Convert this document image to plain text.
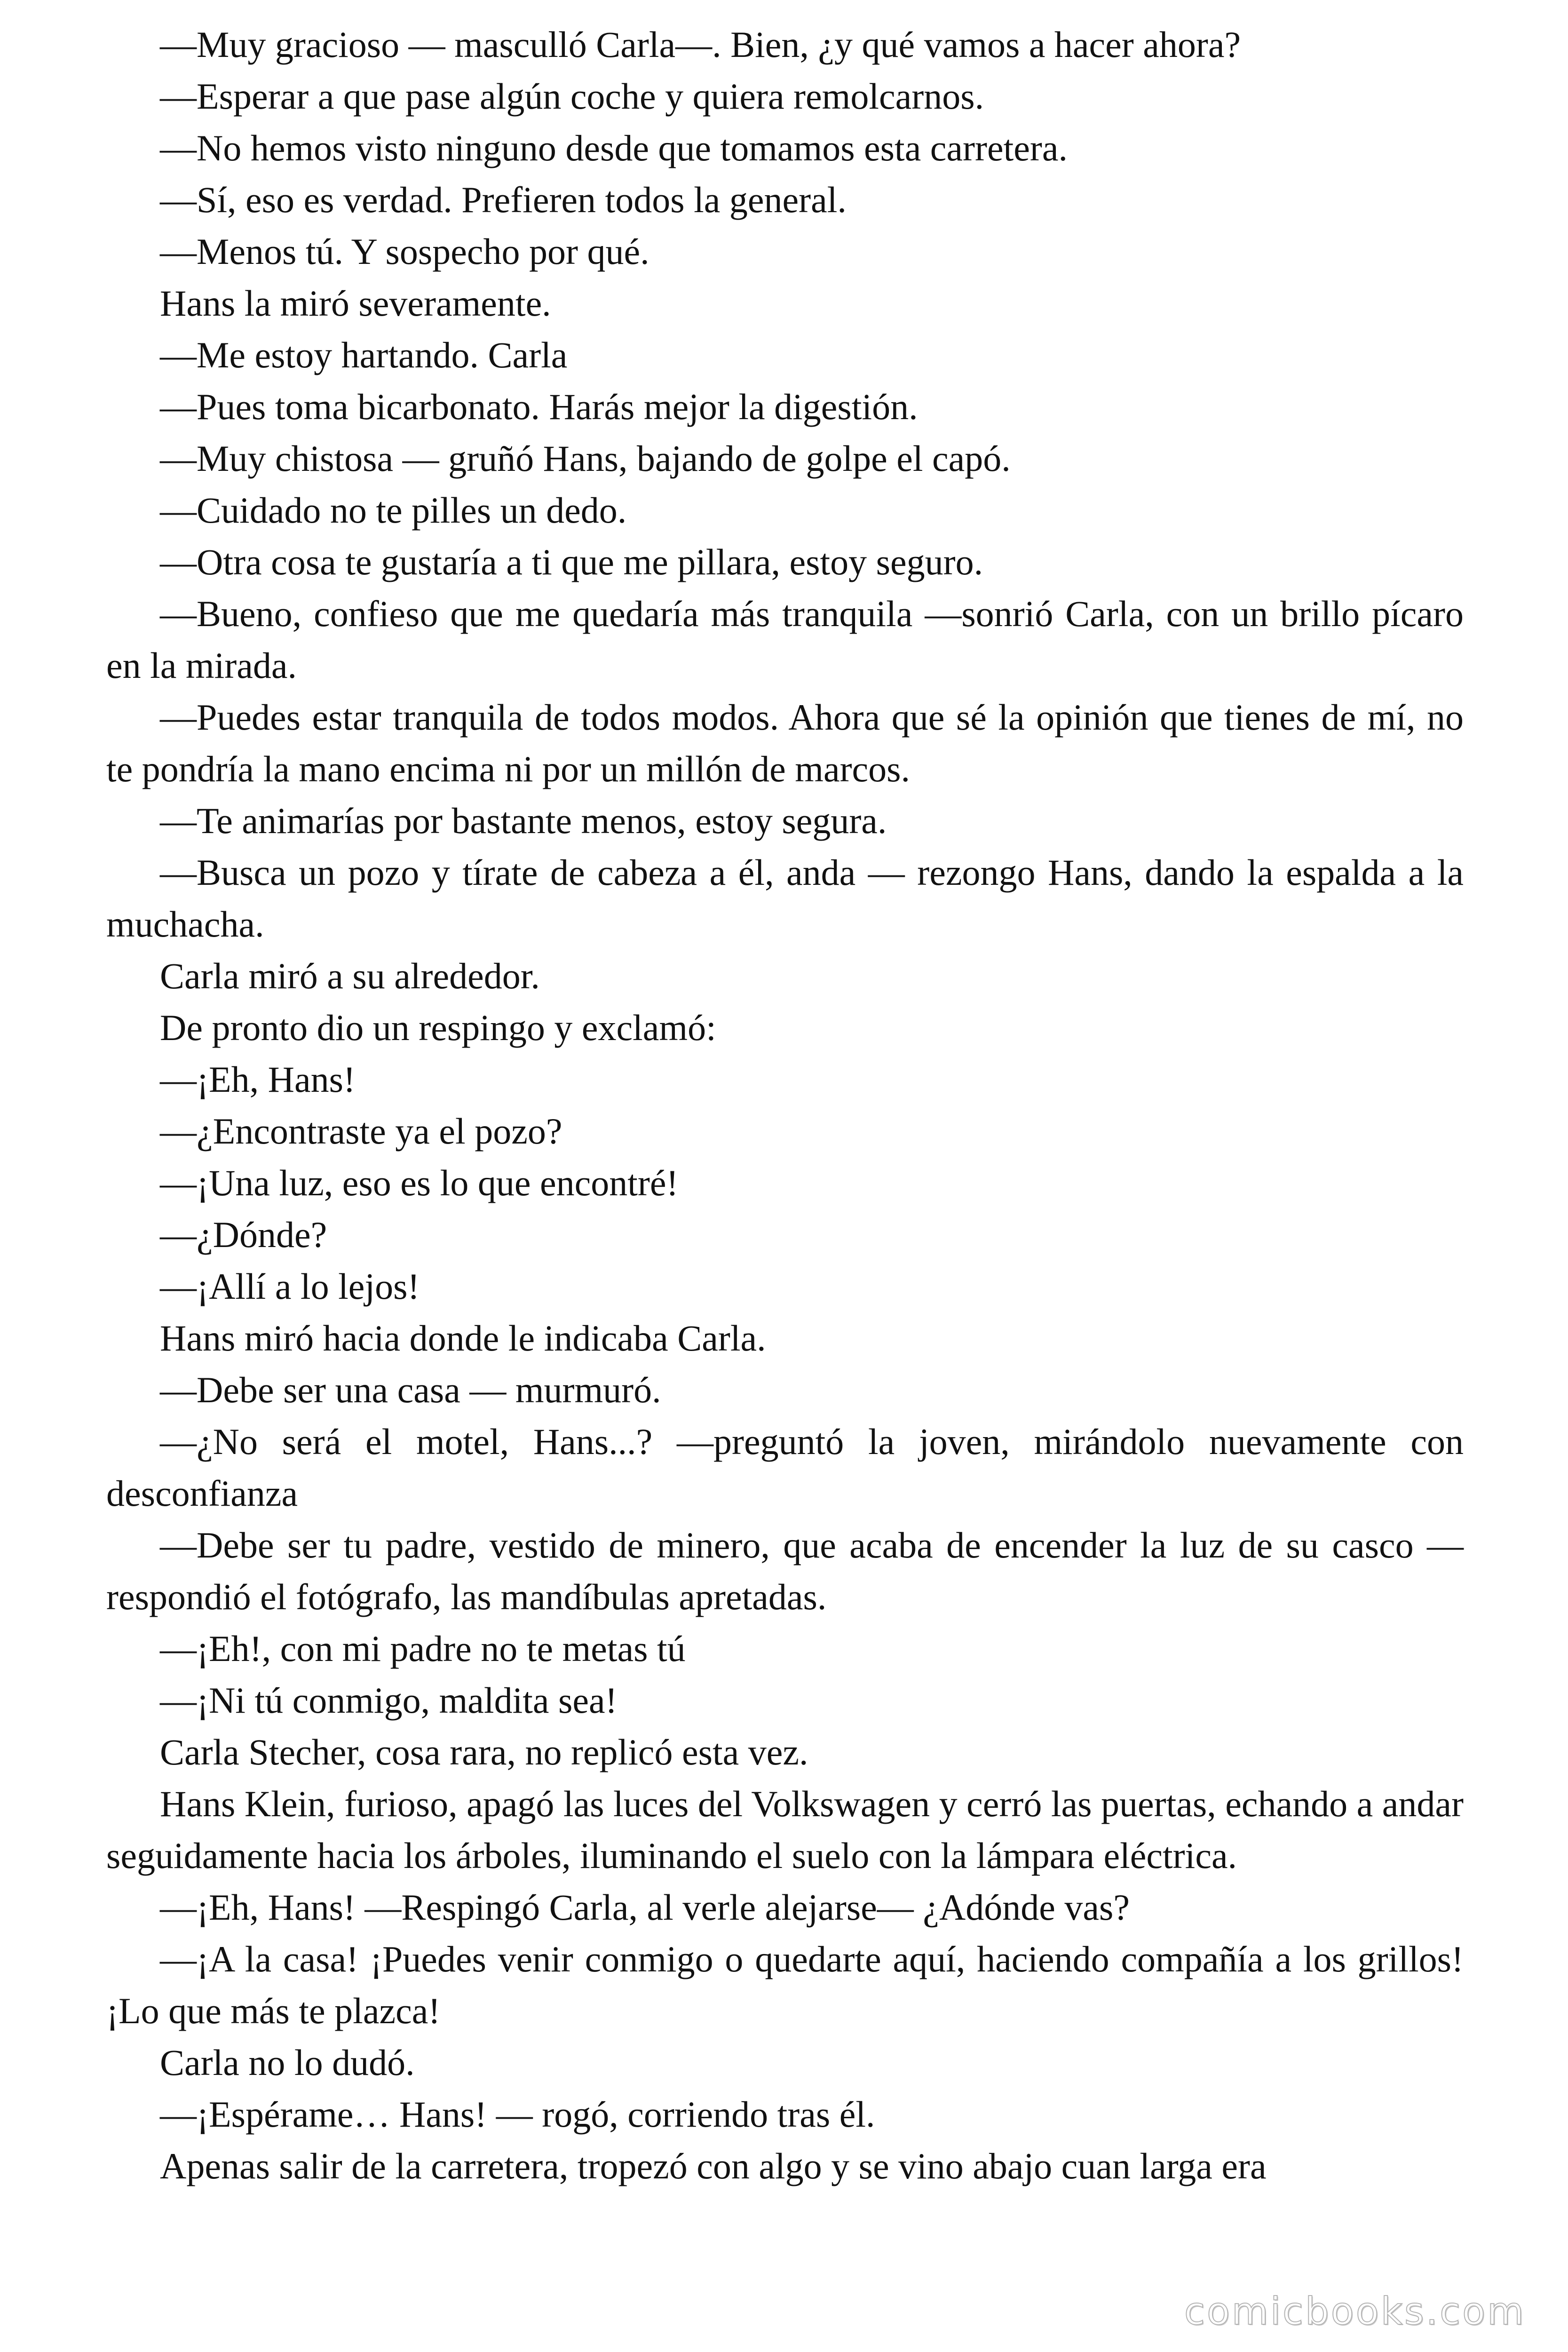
—Muy gracioso — masculló Carla—. Bien, ¿y qué vamos a hacer ahora?

—Esperar a que pase algún coche y quiera remolcarnos.

—No hemos visto ninguno desde que tomamos esta carretera.

—Sí, eso es verdad. Prefieren todos la general.

—Menos tú. Y sospecho por qué.

Hans la miró severamente.

—Me estoy hartando. Carla

—Pues toma bicarbonato. Harás mejor la digestión.

—Muy chistosa — gruñó Hans, bajando de golpe el capó.

—Cuidado no te pilles un dedo.

—Otra cosa te gustaría a ti que me pillara, estoy seguro.

—Bueno, confieso que me quedaría más tranquila —sonrió Carla, con un brillo pícaro en la mirada.

—Puedes estar tranquila de todos modos. Ahora que sé la opinión que tienes de mí, no te pondría la mano encima ni por un millón de marcos.

—Te animarías por bastante menos, estoy segura.

—Busca un pozo y tírate de cabeza a él, anda — rezongo Hans, dando la espalda a la muchacha.

Carla miró a su alrededor.

De pronto dio un respingo y exclamó:

—¡Eh, Hans!

—¿Encontraste ya el pozo?

—¡Una luz, eso es lo que encontré!

—¿Dónde?

—¡Allí a lo lejos!

Hans miró hacia donde le indicaba Carla.

—Debe ser una casa — murmuró.

—¿No será el motel, Hans...? —preguntó la joven, mirándolo nuevamente con desconfianza

—Debe ser tu padre, vestido de minero, que acaba de encender la luz de su casco — respondió el fotógrafo, las mandíbulas apretadas.

—¡Eh!, con mi padre no te metas tú

—¡Ni tú conmigo, maldita sea!

Carla Stecher, cosa rara, no replicó esta vez.

Hans Klein, furioso, apagó las luces del Volkswagen y cerró las puertas, echando a andar seguidamente hacia los árboles, iluminando el suelo con la lámpara eléctrica.

—¡Eh, Hans! —Respingó Carla, al verle alejarse— ¿Adónde vas?

—¡A la casa! ¡Puedes venir conmigo o quedarte aquí, haciendo compañía a los grillos! ¡Lo que más te plazca!

Carla no lo dudó.

—¡Espérame… Hans! — rogó, corriendo tras él.

Apenas salir de la carretera, tropezó con algo y se vino abajo cuan larga era

comicbooks.com
